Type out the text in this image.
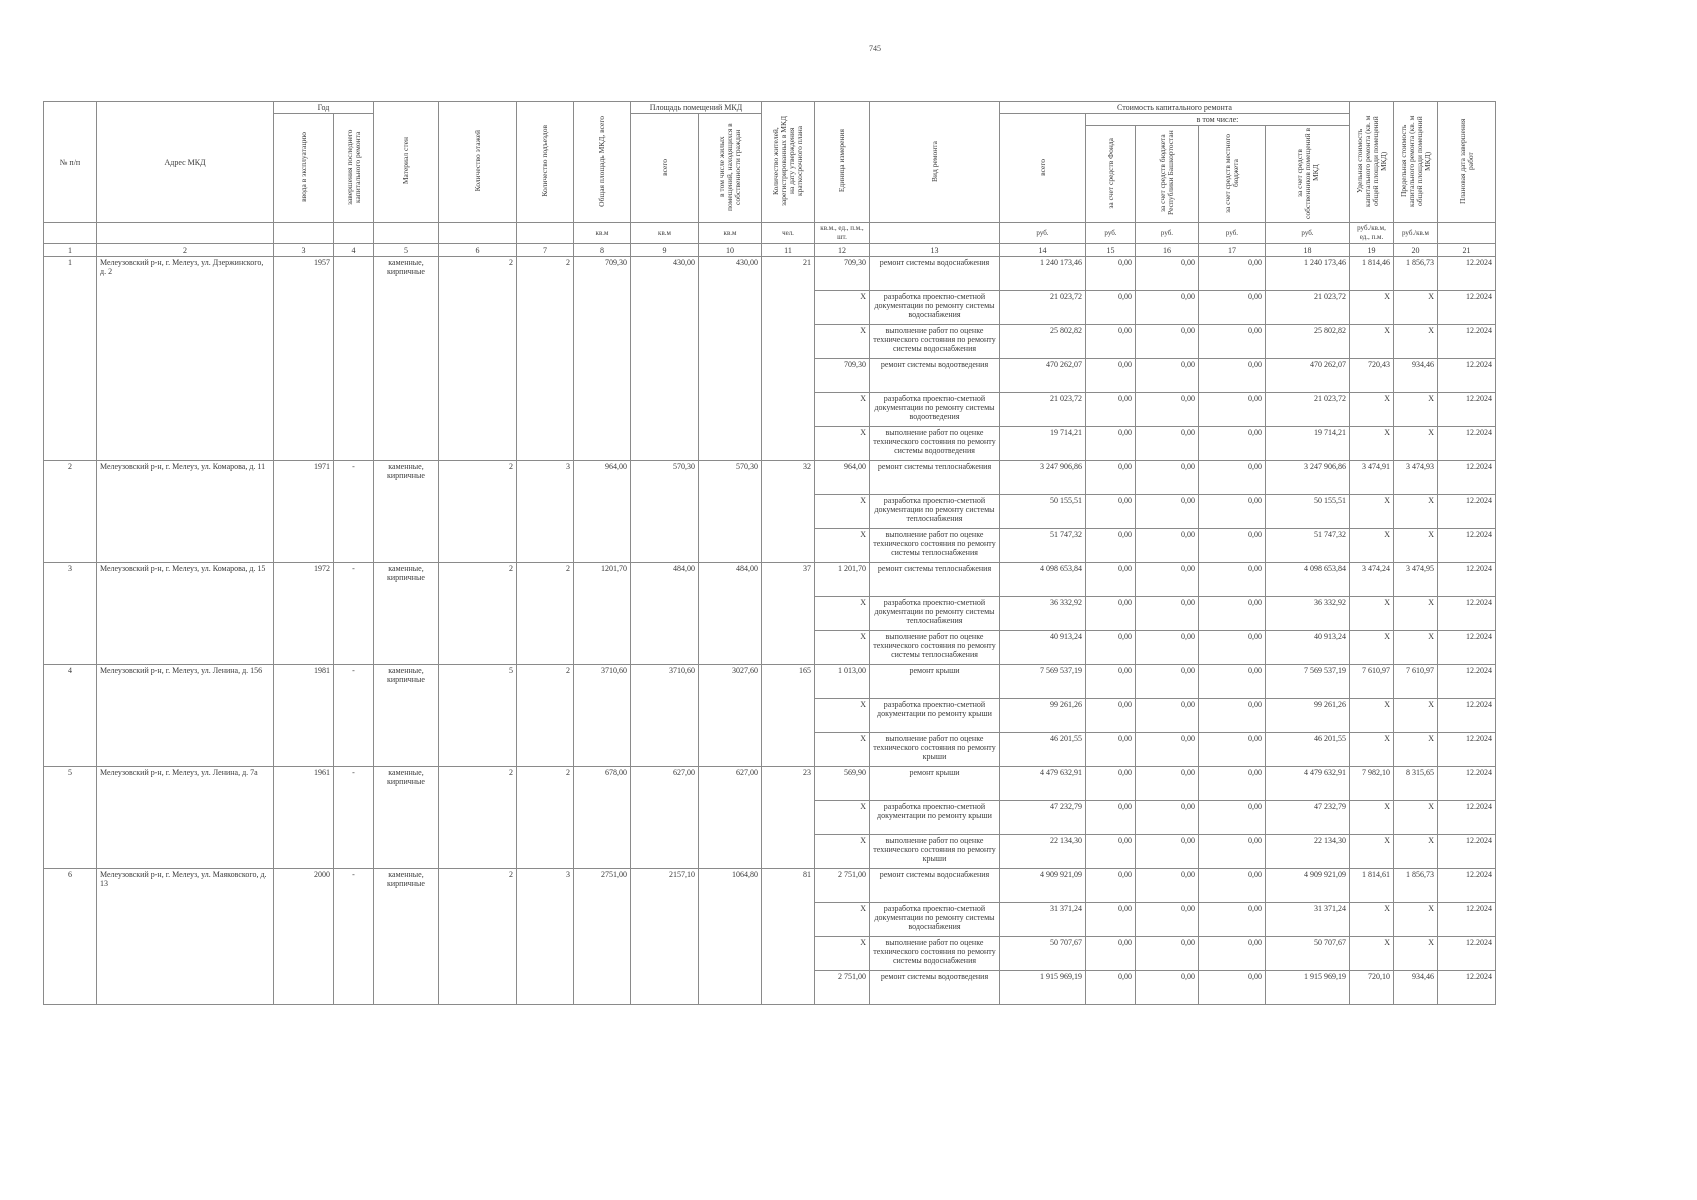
745
№ п/п	Адрес МКД	Год		Материал стен	Количество этажей	Количество подъездов	Общая площадь МКД, всего	Площадь помещений МКД		Количество жителей, зарегистрированных в МКД на дату утверждения краткосрочного плана	Единица измерения	Вид ремонта	Стоимость капитального ремонта					Удельная стоимость капитального ремонта (кв. м общей площади помещений МКД)	Предельная стоимость капитального ремонта (кв. м общей площади помещений МКД)	Плановая дата завершения работ
		ввода в эксплуатацию	завершения последнего капитального ремонта					всего	в том числе жилых помещений, находящихся в собственности граждан				всего	в том числе:						
														за счет средств Фонда	за счет средств бюджета Республики Башкортостан	за счет средств местного бюджета	за счет средств собственников помещений в МКД			
							кв.м	кв.м	кв.м	чел.	кв.м., ед., п.м., шт.		руб.	руб.	руб.	руб.	руб.	руб./кв.м, ед., п.м.	руб./кв.м	
1	2	3	4	5	6	7	8	9	10	11	12	13	14	15	16	17	18	19	20	21
1	Мелеузовский р-н, г. Мелеуз, ул. Дзержинского, д. 2	1957		каменные, кирпичные	2	2	709,30	430,00	430,00	21	709,30	ремонт системы водоснабжения	1 240 173,46	0,00	0,00	0,00	1 240 173,46	1 814,46	1 856,73	12.2024
											X	разработка проектно-сметной документации по ремонту системы водоснабжения	21 023,72	0,00	0,00	0,00	21 023,72	X	X	12.2024
											X	выполнение работ по оценке технического состояния по ремонту системы водоснабжения	25 802,82	0,00	0,00	0,00	25 802,82	X	X	12.2024
											709,30	ремонт системы водоотведения	470 262,07	0,00	0,00	0,00	470 262,07	720,43	934,46	12.2024
											X	разработка проектно-сметной документации по ремонту системы водоотведения	21 023,72	0,00	0,00	0,00	21 023,72	X	X	12.2024
											X	выполнение работ по оценке технического состояния по ремонту системы водоотведения	19 714,21	0,00	0,00	0,00	19 714,21	X	X	12.2024
2	Мелеузовский р-н, г. Мелеуз, ул. Комарова, д. 11	1971	-	каменные, кирпичные	2	3	964,00	570,30	570,30	32	964,00	ремонт системы теплоснабжения	3 247 906,86	0,00	0,00	0,00	3 247 906,86	3 474,91	3 474,93	12.2024
											X	разработка проектно-сметной документации по ремонту системы теплоснабжения	50 155,51	0,00	0,00	0,00	50 155,51	X	X	12.2024
											X	выполнение работ по оценке технического состояния по ремонту системы теплоснабжения	51 747,32	0,00	0,00	0,00	51 747,32	X	X	12.2024
3	Мелеузовский р-н, г. Мелеуз, ул. Комарова, д. 15	1972	-	каменные, кирпичные	2	2	1201,70	484,00	484,00	37	1 201,70	ремонт системы теплоснабжения	4 098 653,84	0,00	0,00	0,00	4 098 653,84	3 474,24	3 474,95	12.2024
											X	разработка проектно-сметной документации по ремонту системы теплоснабжения	36 332,92	0,00	0,00	0,00	36 332,92	X	X	12.2024
											X	выполнение работ по оценке технического состояния по ремонту системы теплоснабжения	40 913,24	0,00	0,00	0,00	40 913,24	X	X	12.2024
4	Мелеузовский р-н, г. Мелеуз, ул. Ленина, д. 156	1981	-	каменные, кирпичные	5	2	3710,60	3710,60	3027,60	165	1 013,00	ремонт крыши	7 569 537,19	0,00	0,00	0,00	7 569 537,19	7 610,97	7 610,97	12.2024
											X	разработка проектно-сметной документации по ремонту крыши	99 261,26	0,00	0,00	0,00	99 261,26	X	X	12.2024
											X	выполнение работ по оценке технического состояния по ремонту крыши	46 201,55	0,00	0,00	0,00	46 201,55	X	X	12.2024
5	Мелеузовский р-н, г. Мелеуз, ул. Ленина, д. 7а	1961	-	каменные, кирпичные	2	2	678,00	627,00	627,00	23	569,90	ремонт крыши	4 479 632,91	0,00	0,00	0,00	4 479 632,91	7 982,10	8 315,65	12.2024
											X	разработка проектно-сметной документации по ремонту крыши	47 232,79	0,00	0,00	0,00	47 232,79	X	X	12.2024
											X	выполнение работ по оценке технического состояния по ремонту крыши	22 134,30	0,00	0,00	0,00	22 134,30	X	X	12.2024
6	Мелеузовский р-н, г. Мелеуз, ул. Маяковского, д. 13	2000	-	каменные, кирпичные	2	3	2751,00	2157,10	1064,80	81	2 751,00	ремонт системы водоснабжения	4 909 921,09	0,00	0,00	0,00	4 909 921,09	1 814,61	1 856,73	12.2024
											X	разработка проектно-сметной документации по ремонту системы водоснабжения	31 371,24	0,00	0,00	0,00	31 371,24	X	X	12.2024
											X	выполнение работ по оценке технического состояния по ремонту системы водоснабжения	50 707,67	0,00	0,00	0,00	50 707,67	X	X	12.2024
											2 751,00	ремонт системы водоотведения	1 915 969,19	0,00	0,00	0,00	1 915 969,19	720,10	934,46	12.2024
